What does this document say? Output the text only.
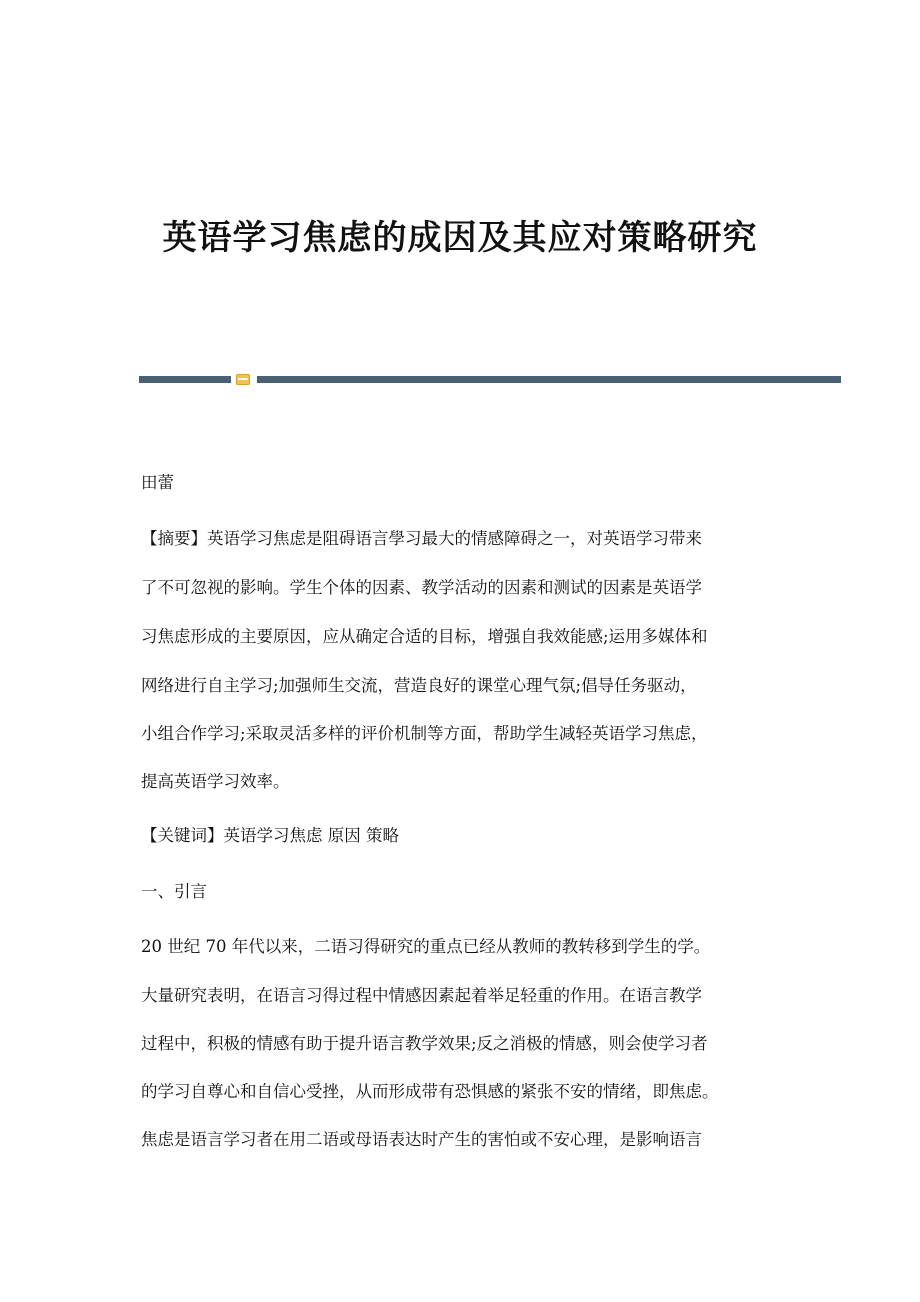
英语学习焦虑的成因及其应对策略研究

田蕾

【摘要】英语学习焦虑是阻碍语言學习最大的情感障碍之一，对英语学习带来

了不可忽视的影响。学生个体的因素、教学活动的因素和测试的因素是英语学

习焦虑形成的主要原因，应从确定合适的目标，增强自我效能感;运用多媒体和

网络进行自主学习;加强师生交流，营造良好的课堂心理气氛;倡导任务驱动，

小组合作学习;采取灵活多样的评价机制等方面，帮助学生减轻英语学习焦虑，

提高英语学习效率。

【关键词】英语学习焦虑 原因 策略

一、引言

20 世纪 70 年代以来，二语习得研究的重点已经从教师的教转移到学生的学。

大量研究表明，在语言习得过程中情感因素起着举足轻重的作用。在语言教学

过程中，积极的情感有助于提升语言教学效果;反之消极的情感，则会使学习者

的学习自尊心和自信心受挫，从而形成带有恐惧感的紧张不安的情绪，即焦虑。

焦虑是语言学习者在用二语或母语表达时产生的害怕或不安心理，是影响语言
